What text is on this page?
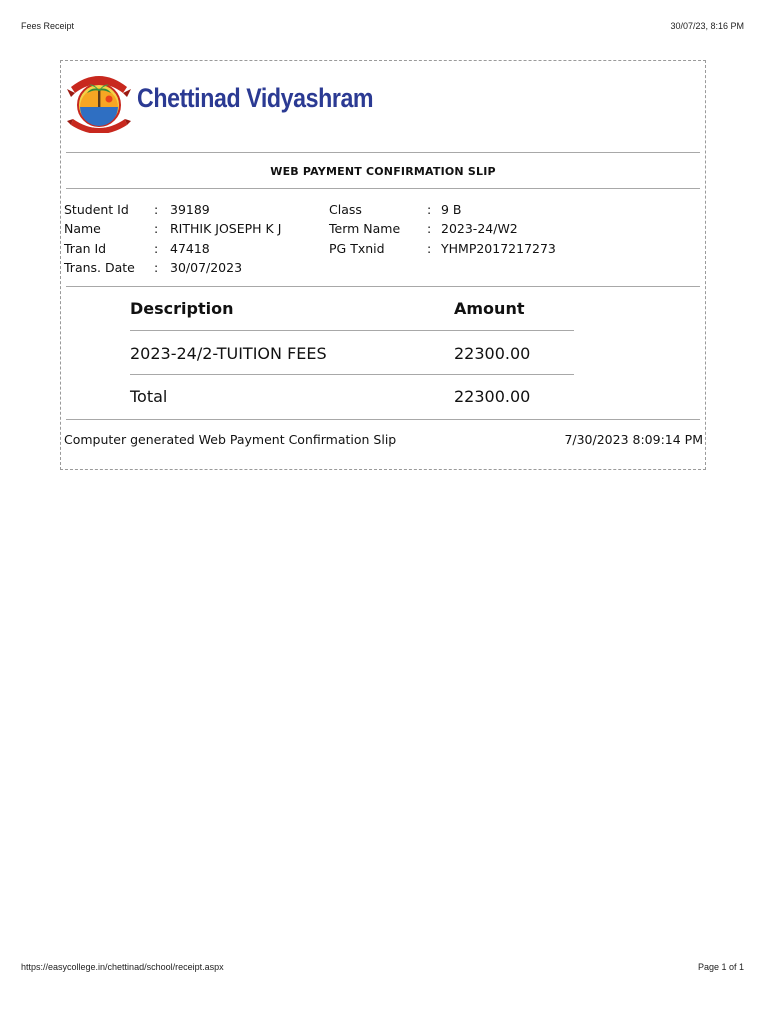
Fees Receipt	30/07/23, 8:16 PM
Chettinad Vidyashram
WEB PAYMENT CONFIRMATION SLIP
Student Id : 39189
Name	: RITHIK JOSEPH K J
Tran Id	: 47418
Trans. Date : 30/07/2023
Class	: 9 B
Term Name : 2023-24/W2
PG Txnid	: YHMP2017217273
Description	Amount
2023-24/2-TUITION FEES	22300.00
Total	22300.00
Computer generated Web Payment Confirmation Slip	7/30/2023 8:09:14 PM
https://easycollege.in/chettinad/school/receipt.aspx	Page 1 of 1
